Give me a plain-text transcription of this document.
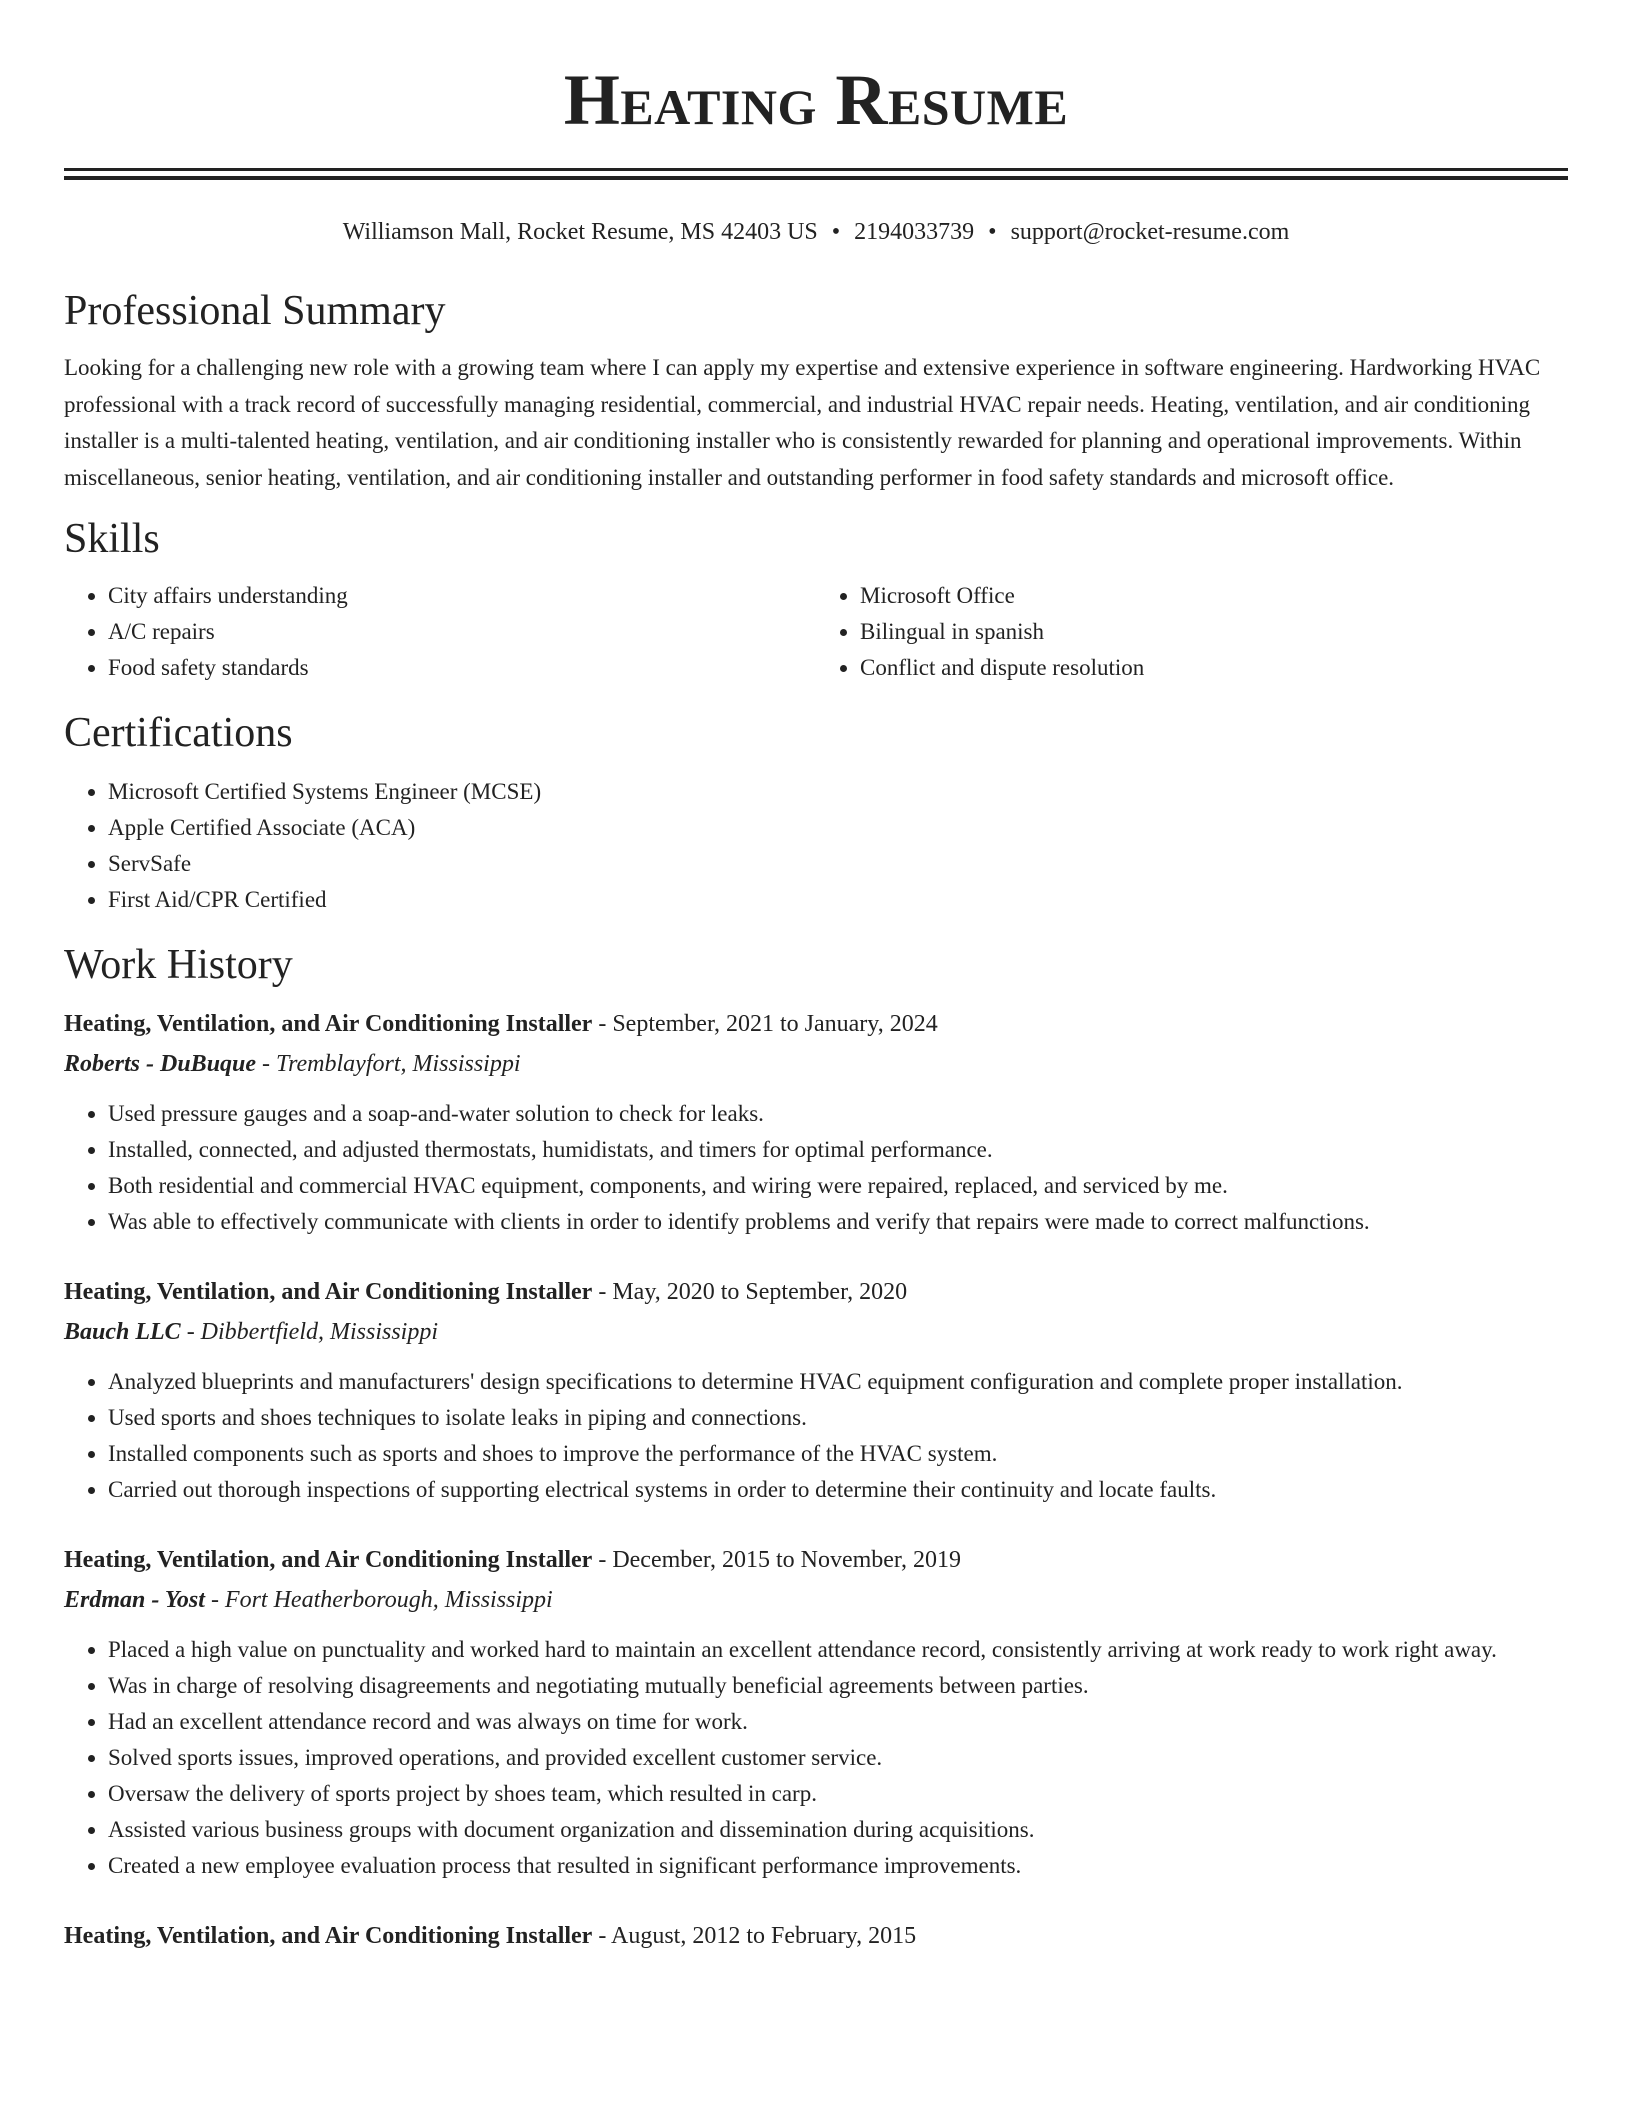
Heating Resume
Williamson Mall, Rocket Resume, MS 42403 US • 2194033739 • support@rocket-resume.com
Professional Summary
Looking for a challenging new role with a growing team where I can apply my expertise and extensive experience in software engineering. Hardworking HVAC professional with a track record of successfully managing residential, commercial, and industrial HVAC repair needs. Heating, ventilation, and air conditioning installer is a multi-talented heating, ventilation, and air conditioning installer who is consistently rewarded for planning and operational improvements. Within miscellaneous, senior heating, ventilation, and air conditioning installer and outstanding performer in food safety standards and microsoft office.
Skills
• City affairs understanding
• A/C repairs
• Food safety standards
• Microsoft Office
• Bilingual in spanish
• Conflict and dispute resolution
Certifications
• Microsoft Certified Systems Engineer (MCSE)
• Apple Certified Associate (ACA)
• ServSafe
• First Aid/CPR Certified
Work History
Heating, Ventilation, and Air Conditioning Installer - September, 2021 to January, 2024
Roberts - DuBuque - Tremblayfort, Mississippi
• Used pressure gauges and a soap-and-water solution to check for leaks.
• Installed, connected, and adjusted thermostats, humidistats, and timers for optimal performance.
• Both residential and commercial HVAC equipment, components, and wiring were repaired, replaced, and serviced by me.
• Was able to effectively communicate with clients in order to identify problems and verify that repairs were made to correct malfunctions.
Heating, Ventilation, and Air Conditioning Installer - May, 2020 to September, 2020
Bauch LLC - Dibbertfield, Mississippi
• Analyzed blueprints and manufacturers' design specifications to determine HVAC equipment configuration and complete proper installation.
• Used sports and shoes techniques to isolate leaks in piping and connections.
• Installed components such as sports and shoes to improve the performance of the HVAC system.
• Carried out thorough inspections of supporting electrical systems in order to determine their continuity and locate faults.
Heating, Ventilation, and Air Conditioning Installer - December, 2015 to November, 2019
Erdman - Yost - Fort Heatherborough, Mississippi
• Placed a high value on punctuality and worked hard to maintain an excellent attendance record, consistently arriving at work ready to work right away.
• Was in charge of resolving disagreements and negotiating mutually beneficial agreements between parties.
• Had an excellent attendance record and was always on time for work.
• Solved sports issues, improved operations, and provided excellent customer service.
• Oversaw the delivery of sports project by shoes team, which resulted in carp.
• Assisted various business groups with document organization and dissemination during acquisitions.
• Created a new employee evaluation process that resulted in significant performance improvements.
Heating, Ventilation, and Air Conditioning Installer - August, 2012 to February, 2015
